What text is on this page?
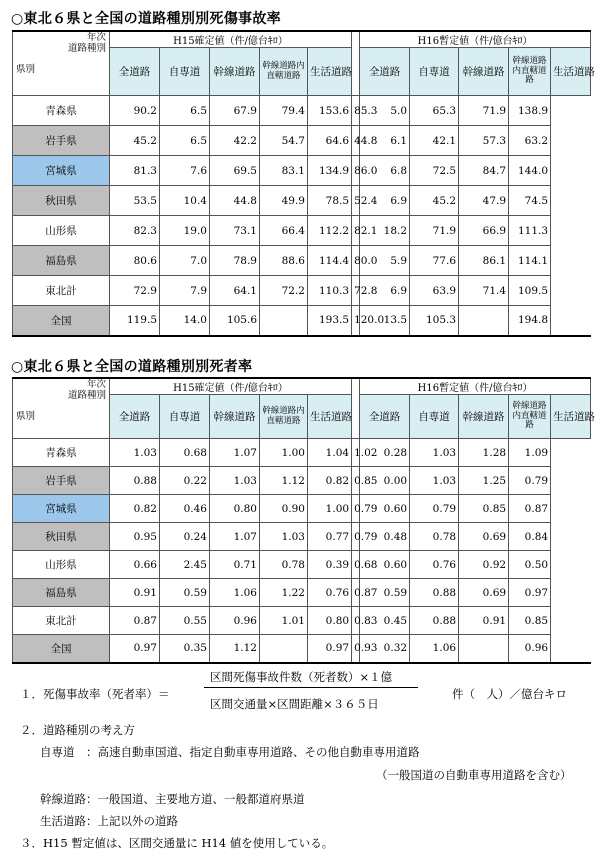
○東北６県と全国の道路種別別死傷事故率
年次
道路種別
県別	H15確定値（件/億台ｷﾛ）						H16暫定値（件/億台ｷﾛ）				
	全道路	自専道	幹線道路	幹線道路内直轄道路	生活道路		全道路	自専道	幹線道路	幹線道路内直轄道路	生活道路
青森県	90.2	6.5	67.9	79.4	153.6	85.3	5.0	65.3	71.9	138.9	
岩手県	45.2	6.5	42.2	54.7	64.6	44.8	6.1	42.1	57.3	63.2	
宮城県	81.3	7.6	69.5	83.1	134.9	86.0	6.8	72.5	84.7	144.0	
秋田県	53.5	10.4	44.8	49.9	78.5	52.4	6.9	45.2	47.9	74.5	
山形県	82.3	19.0	73.1	66.4	112.2	82.1	18.2	71.9	66.9	111.3	
福島県	80.6	7.0	78.9	88.6	114.4	80.0	5.9	77.6	86.1	114.1	
東北計	72.9	7.9	64.1	72.2	110.3	72.8	6.9	63.9	71.4	109.5	
全国	119.5	14.0	105.6		193.5	120.0	13.5	105.3		194.8	
○東北６県と全国の道路種別別死者率
年次
道路種別
県別	H15確定値（件/億台ｷﾛ）						H16暫定値（件/億台ｷﾛ）				
	全道路	自専道	幹線道路	幹線道路内直轄道路	生活道路		全道路	自専道	幹線道路	幹線道路内直轄道路	生活道路
青森県	1.03	0.68	1.07	1.00	1.04	1.02	0.28	1.03	1.28	1.09	
岩手県	0.88	0.22	1.03	1.12	0.82	0.85	0.00	1.03	1.25	0.79	
宮城県	0.82	0.46	0.80	0.90	1.00	0.79	0.60	0.79	0.85	0.87	
秋田県	0.95	0.24	1.07	1.03	0.77	0.79	0.48	0.78	0.69	0.84	
山形県	0.66	2.45	0.71	0.78	0.39	0.68	0.60	0.76	0.92	0.50	
福島県	0.91	0.59	1.06	1.22	0.76	0.87	0.59	0.88	0.69	0.97	
東北計	0.87	0.55	0.96	1.01	0.80	0.83	0.45	0.88	0.91	0.85	
全国	0.97	0.35	1.12		0.97	0.93	0.32	1.06		0.96	
１．死傷事故率（死者率）＝
区間死傷事故件数（死者数）×１億
区間交通量×区間距離×３６５日
件（　人）／億台キロ
２．道路種別の考え方
自専道　：高速自動車国道、指定自動車専用道路、その他自動車専用道路
（一般国道の自動車専用道路を含む）
幹線道路：一般国道、主要地方道、一般都道府県道
生活道路：上記以外の道路
３．H15 暫定値は、区間交通量に H14 値を使用している。
